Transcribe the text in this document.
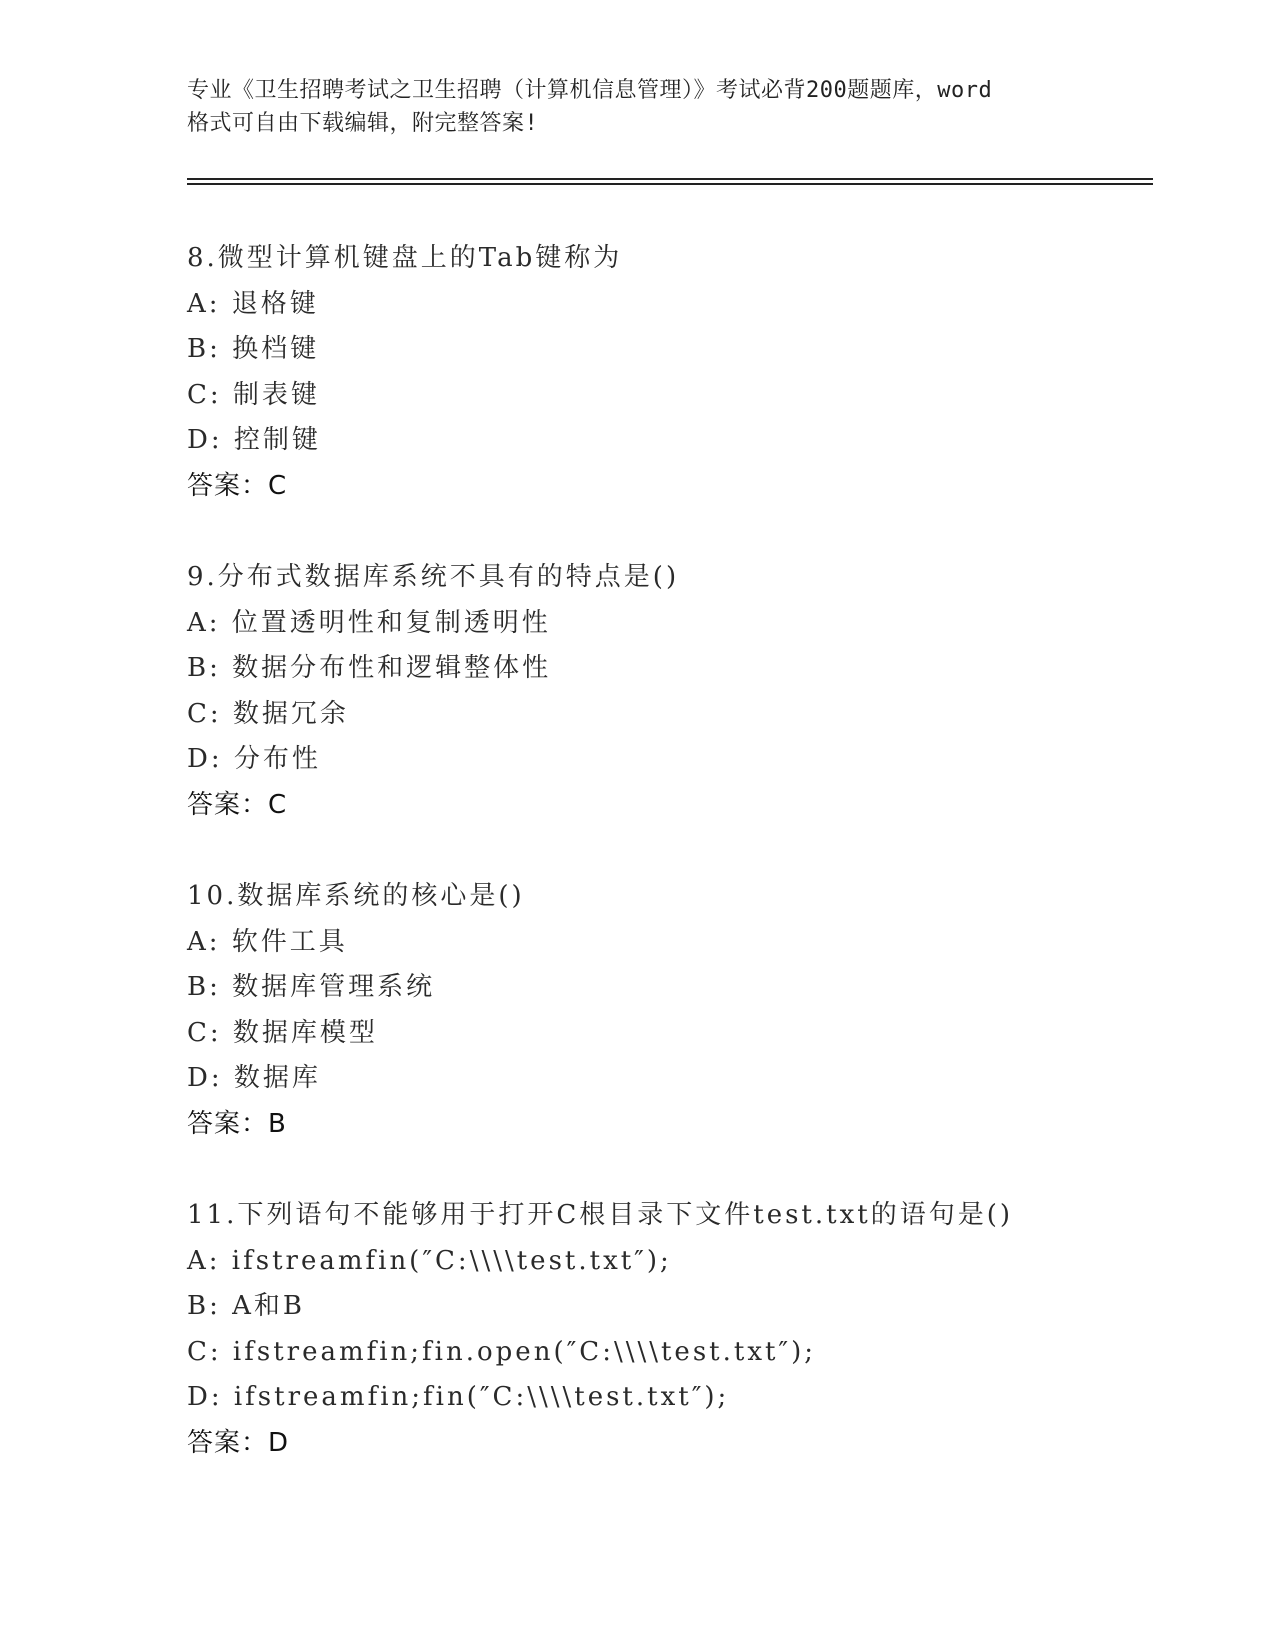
专业《卫生招聘考试之卫生招聘（计算机信息管理）》考试必背200题题库，word
格式可自由下载编辑，附完整答案!
8.微型计算机键盘上的Tab键称为
A: 退格键
B: 换档键
C: 制表键
D: 控制键
答案：C
9.分布式数据库系统不具有的特点是()
A: 位置透明性和复制透明性
B: 数据分布性和逻辑整体性
C: 数据冗余
D: 分布性
答案：C
10.数据库系统的核心是()
A: 软件工具
B: 数据库管理系统
C: 数据库模型
D: 数据库
答案：B
11.下列语句不能够用于打开C根目录下文件test.txt的语句是()
A: ifstreamfin(″C:\\\\test.txt″);
B: A和B
C: ifstreamfin;fin.open(″C:\\\\test.txt″);
D: ifstreamfin;fin(″C:\\\\test.txt″);
答案：D
